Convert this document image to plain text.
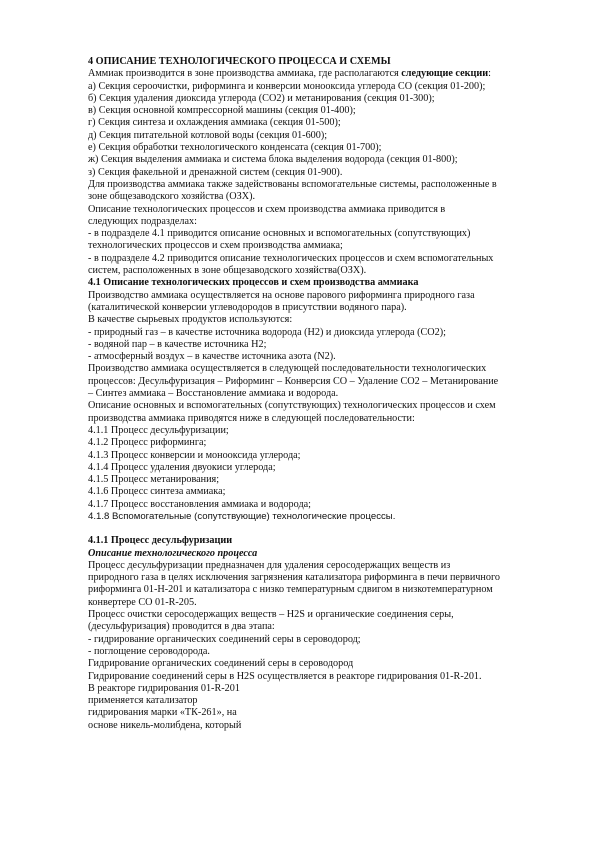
4 ОПИСАНИЕ ТЕХНОЛОГИЧЕСКОГО ПРОЦЕССА И СХЕМЫ
Аммиак производится в зоне производства аммиака, где располагаются следующие секции:
а) Секция сероочистки, риформинга и конверсии монооксида углерода CO (секция 01-200);
б) Секция удаления диоксида углерода (CO2) и метанирования (секция 01-300);
в) Секция основной компрессорной машины (секция 01-400);
г) Секция синтеза и охлаждения аммиака (секция 01-500);
д) Секция питательной котловой воды (секция 01-600);
е) Секция обработки технологического конденсата (секция 01-700);
ж) Секция выделения аммиака и система блока выделения водорода (секция 01-800);
з) Секция факельной и дренажной систем (секция 01-900).
Для производства аммиака также задействованы вспомогательные системы, расположенные в
зоне общезаводского хозяйства (ОЗХ).
Описание технологических процессов и схем производства аммиака приводится в
следующих подразделах:
- в подразделе 4.1 приводится описание основных и вспомогательных (сопутствующих)
технологических процессов и схем производства аммиака;
- в подразделе 4.2 приводится описание технологических процессов и схем вспомогательных
систем, расположенных в зоне общезаводского хозяйства(ОЗХ).
4.1 Описание технологических процессов и схем производства аммиака
Производство аммиака осуществляется на основе парового риформинга природного газа
(каталитической конверсии углеводородов в присутствии водяного пара).
В качестве сырьевых продуктов используются:
- природный газ – в качестве источника водорода (H2) и диоксида углерода (CO2);
- водяной пар – в качестве источника H2;
- атмосферный воздух – в качестве источника азота (N2).
Производство аммиака осуществляется в следующей последовательности технологических
процессов: Десульфуризация – Риформинг – Конверсия CO – Удаление CO2 – Метанирование
– Синтез аммиака – Восстановление аммиака и водорода.
Описание основных и вспомогательных (сопутствующих) технологических процессов и схем
производства аммиака приводятся ниже в следующей последовательности:
4.1.1 Процесс десульфуризации;
4.1.2 Процесс риформинга;
4.1.3 Процесс конверсии и монооксида углерода;
4.1.4 Процесс удаления двуокиси углерода;
4.1.5 Процесс метанирования;
4.1.6 Процесс синтеза аммиака;
4.1.7 Процесс восстановления аммиака и водорода;
4.1.8 Вспомогательные (сопутствующие) технологические процессы.
4.1.1 Процесс десульфуризации
Описание технологического процесса
Процесс десульфуризации предназначен для удаления серосодержащих веществ из
природного газа в целях исключения загрязнения катализатора риформинга в печи первичного
риформинга 01-H-201 и катализатора с низко температурным сдвигом в низкотемпературном
конвертере CO 01-R-205.
Процесс очистки серосодержащих веществ – H2S и органические соединения серы,
(десульфуризация) проводится в два этапа:
- гидрирование органических соединений серы в сероводород;
- поглощение сероводорода.
Гидрирование органических соединений серы в сероводород
Гидрирование соединений серы в H2S осуществляется в реакторе гидрирования 01-R-201.
В реакторе гидрирования 01-R-201
применяется катализатор
гидрирования марки «ТК-261», на
основе никель-молибдена, который
